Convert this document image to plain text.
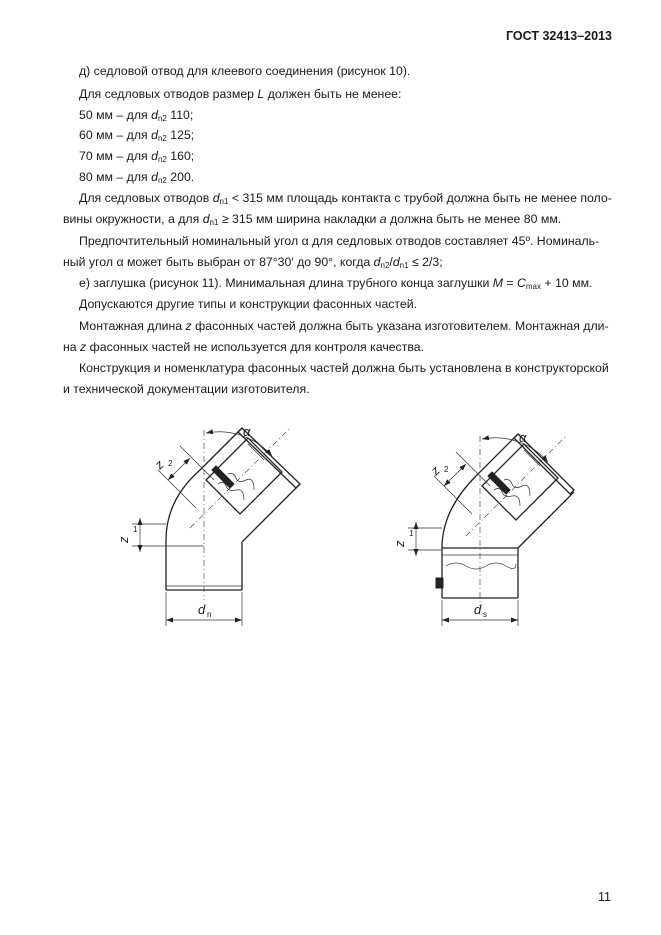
ГОСТ 32413–2013
д) седловой отвод для клеевого соединения (рисунок 10).
Для седловых отводов размер L должен быть не менее:
50 мм – для $d_{n2}$ 110;
60 мм – для $d_{n2}$ 125;
70 мм – для $d_{n2}$ 160;
80 мм – для $d_{n2}$ 200.
Для седловых отводов $d_{n1} < 315$ мм площадь контакта с трубой должна быть не менее поло-
вины окружности, а для $d_{n1} \ge 315$ мм ширина накладки a должна быть не менее 80 мм.
Предпочтительный номинальный угол α для седловых отводов составляет 45º. Номиналь-
ный угол α может быть выбран от 87°30′ до 90°, когда $d_{n2}/d_{n1} \le 2/3$;
е) заглушка (рисунок 11). Минимальная длина трубного конца заглушки $M = C_{max} + 10$ мм.
Допускаются другие типы и конструкции фасонных частей.
Монтажная длина z фасонных частей должна быть указана изготовителем. Монтажная дли-
на z фасонных частей не используется для контроля качества.
Конструкция и номенклатура фасонных частей должна быть установлена в конструкторской
и технической документации изготовителя.
α
z 2
z
1
d n
α
z 2
z
1
d s
11
